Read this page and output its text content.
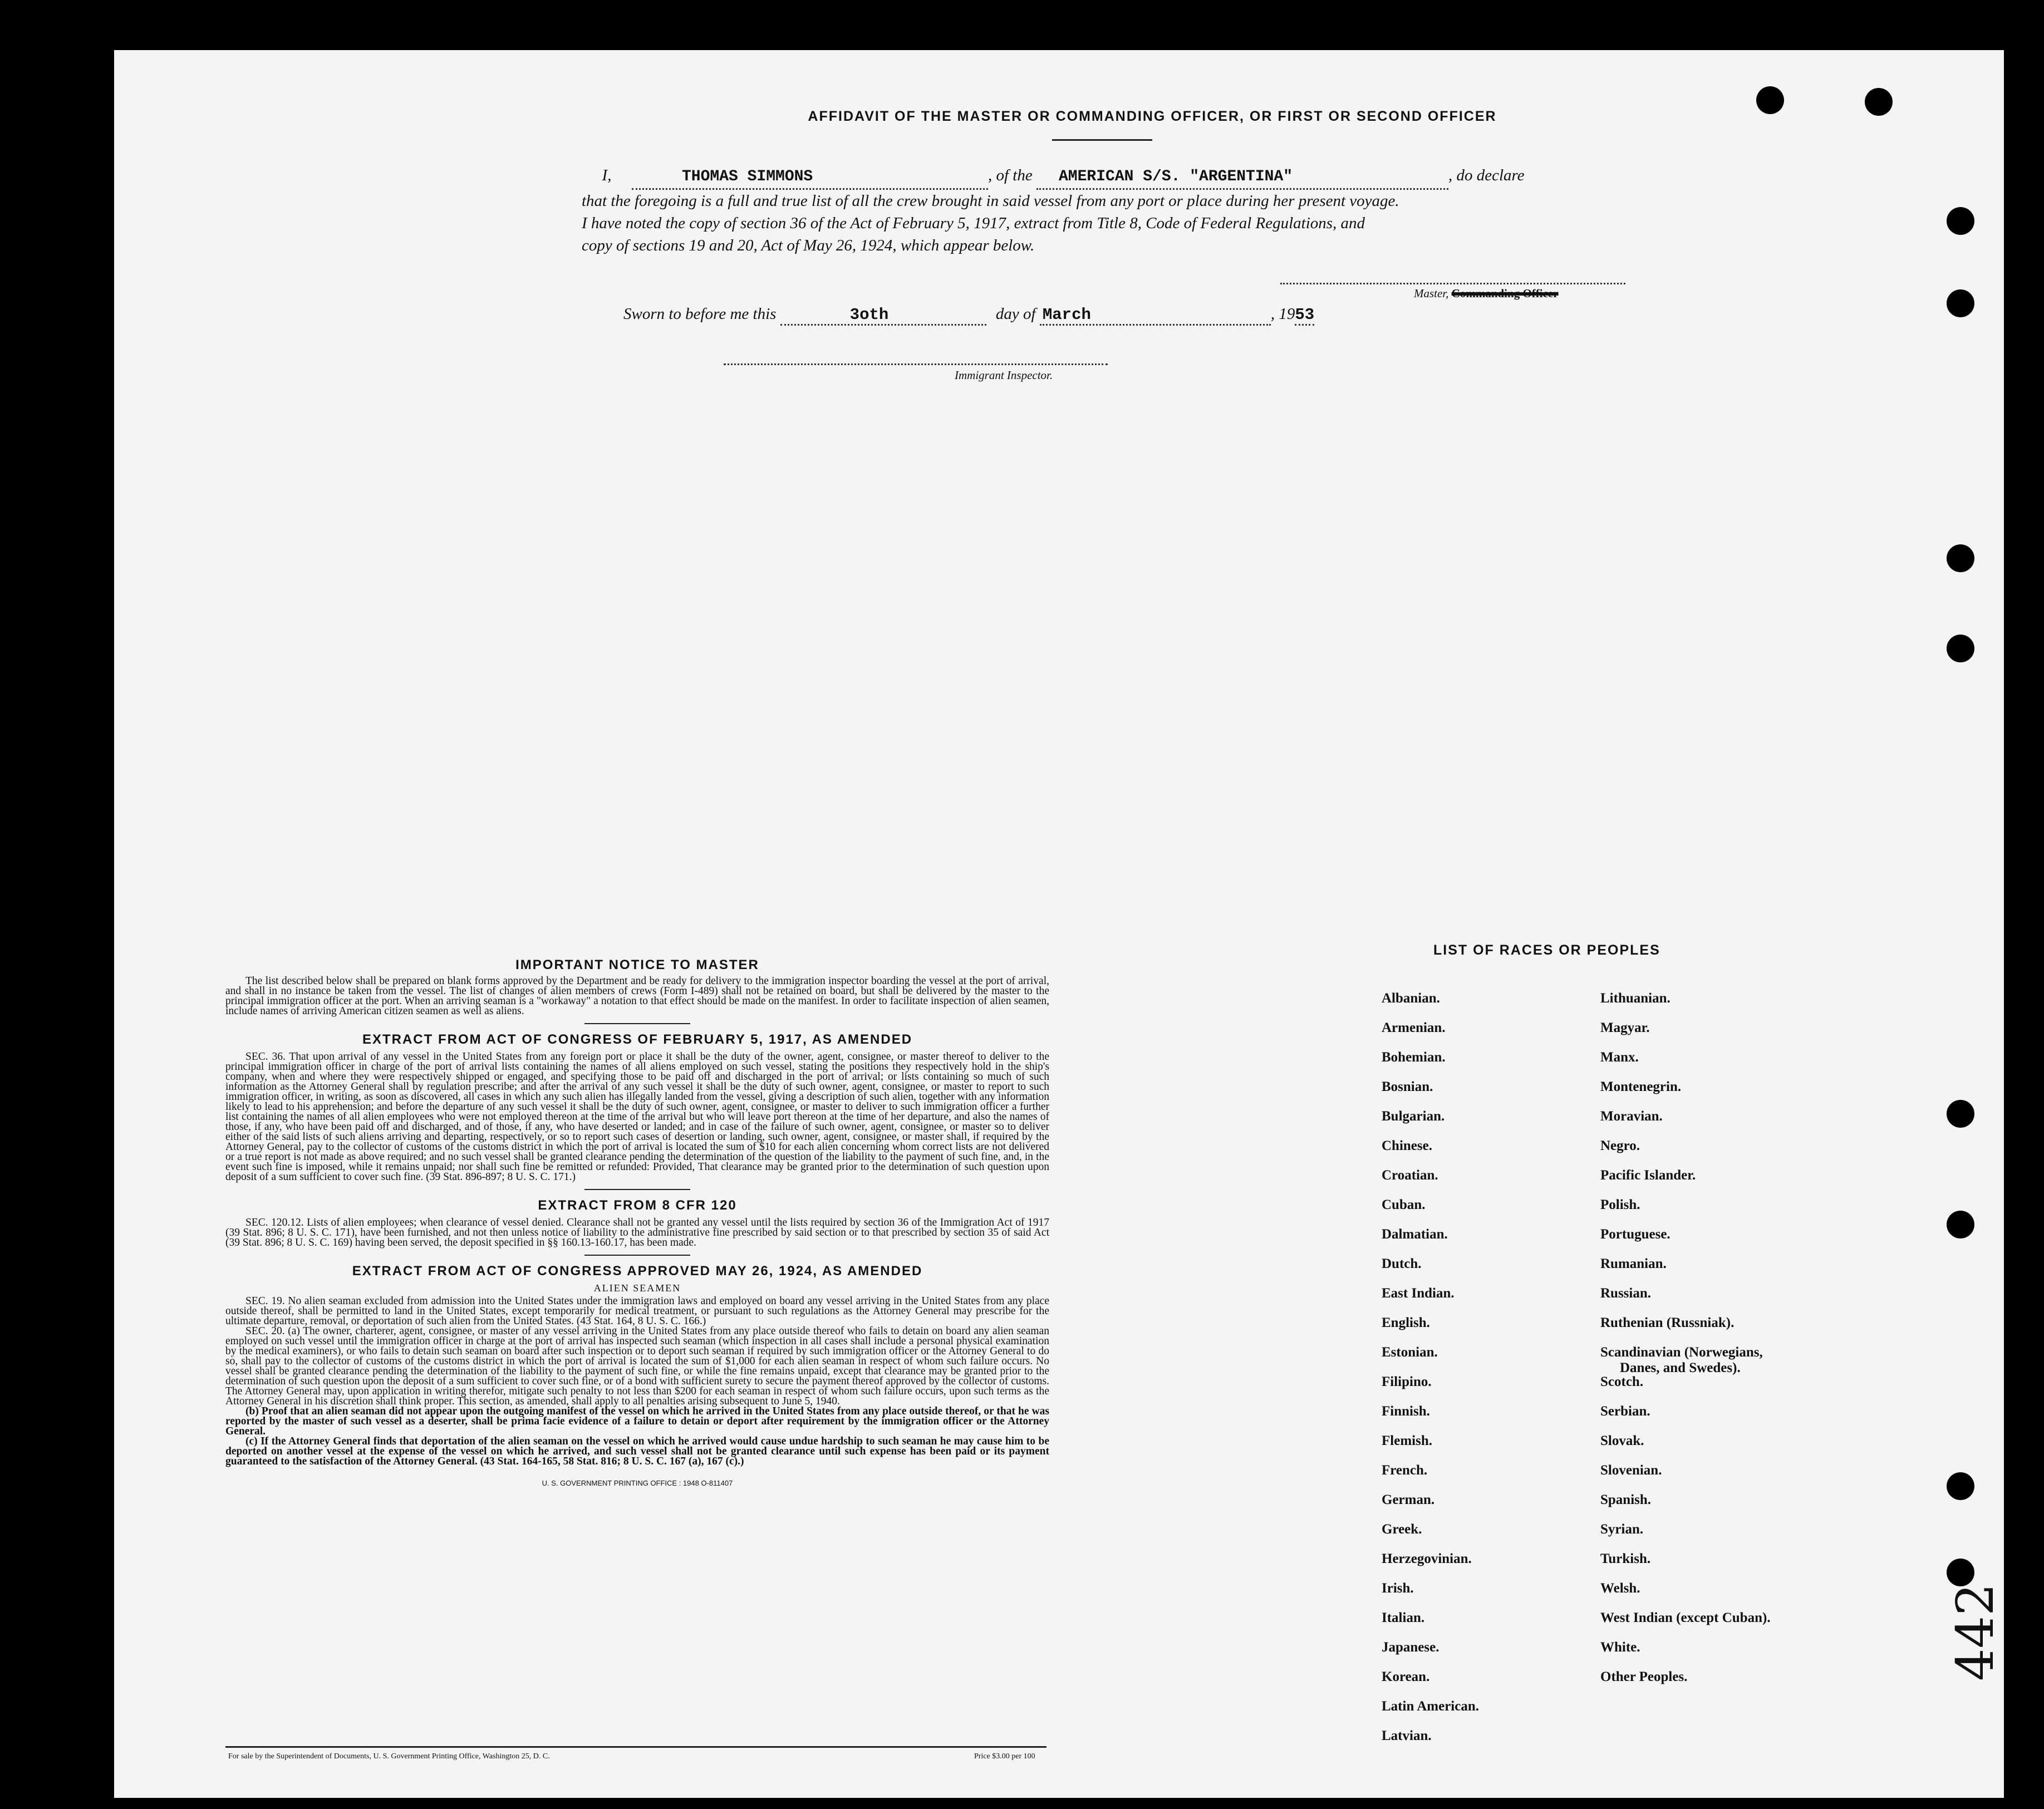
AFFIDAVIT OF THE MASTER OR COMMANDING OFFICER, OR FIRST OR SECOND OFFICER
I,	THOMAS SIMMONS	, of the AMERICAN S/S. "ARGENTINA"	, do declare
that the foregoing is a full and true list of all the crew brought in said vessel from any port or place during her present voyage.
I have noted the copy of section 36 of the Act of February 5, 1917, extract from Title 8, Code of Federal Regulations, and
copy of sections 19 and 20, Act of May 26, 1924, which appear below.
Master, Commanding Officer
Sworn to before me this	3oth	day of March	, 1953
Immigrant Inspector.
IMPORTANT NOTICE TO MASTER

The list described below shall be prepared on blank forms approved by the Department and be ready for delivery to the immigration inspector boarding the vessel at the port of arrival, and shall in no instance be taken from the vessel. The list of changes of alien members of crews (Form I-489) shall not be retained on board, but shall be delivered by the master to the principal immigration officer at the port. When an arriving seaman is a "workaway" a notation to that effect should be made on the manifest. In order to facilitate inspection of alien seamen, include names of arriving American citizen seamen as well as aliens.

EXTRACT FROM ACT OF CONGRESS OF FEBRUARY 5, 1917, AS AMENDED

SEC. 36. That upon arrival of any vessel in the United States from any foreign port or place it shall be the duty of the owner, agent, consignee, or master thereof to deliver to the principal immigration officer in charge of the port of arrival lists containing the names of all aliens employed on such vessel, stating the positions they respectively hold in the ship's company, when and where they were respectively shipped or engaged, and specifying those to be paid off and discharged in the port of arrival; or lists containing so much of such information as the Attorney General shall by regulation prescribe; and after the arrival of any such vessel it shall be the duty of such owner, agent, consignee, or master to report to such immigration officer, in writing, as soon as discovered, all cases in which any such alien has illegally landed from the vessel, giving a description of such alien, together with any information likely to lead to his apprehension; and before the departure of any such vessel it shall be the duty of such owner, agent, consignee, or master to deliver to such immigration officer a further list containing the names of all alien employees who were not employed thereon at the time of the arrival but who will leave port thereon at the time of her departure, and also the names of those, if any, who have been paid off and discharged, and of those, if any, who have deserted or landed; and in case of the failure of such owner, agent, consignee, or master so to deliver either of the said lists of such aliens arriving and departing, respectively, or so to report such cases of desertion or landing, such owner, agent, consignee, or master shall, if required by the Attorney General, pay to the collector of customs of the customs district in which the port of arrival is located the sum of $10 for each alien concerning whom correct lists are not delivered or a true report is not made as above required; and no such vessel shall be granted clearance pending the determination of the question of the liability to the payment of such fine, and, in the event such fine is imposed, while it remains unpaid; nor shall such fine be remitted or refunded: Provided, That clearance may be granted prior to the determination of such question upon deposit of a sum sufficient to cover such fine. (39 Stat. 896-897; 8 U. S. C. 171.)

EXTRACT FROM 8 CFR 120

SEC. 120.12. Lists of alien employees; when clearance of vessel denied. Clearance shall not be granted any vessel until the lists required by section 36 of the Immigration Act of 1917 (39 Stat. 896; 8 U. S. C. 171), have been furnished, and not then unless notice of liability to the administrative fine prescribed by said section or to that prescribed by section 35 of said Act (39 Stat. 896; 8 U. S. C. 169) having been served, the deposit specified in §§ 160.13-160.17, has been made.

EXTRACT FROM ACT OF CONGRESS APPROVED MAY 26, 1924, AS AMENDED
ALIEN SEAMEN

SEC. 19. No alien seaman excluded from admission into the United States under the immigration laws and employed on board any vessel arriving in the United States from any place outside thereof, shall be permitted to land in the United States, except temporarily for medical treatment, or pursuant to such regulations as the Attorney General may prescribe for the ultimate departure, removal, or deportation of such alien from the United States. (43 Stat. 164, 8 U. S. C. 166.)

SEC. 20. (a) The owner, charterer, agent, consignee, or master of any vessel arriving in the United States from any place outside thereof who fails to detain on board any alien seaman employed on such vessel until the immigration officer in charge at the port of arrival has inspected such seaman (which inspection in all cases shall include a personal physical examination by the medical examiners), or who fails to detain such seaman on board after such inspection or to deport such seaman if required by such immigration officer or the Attorney General to do so, shall pay to the collector of customs of the customs district in which the port of arrival is located the sum of $1,000 for each alien seaman in respect of whom such failure occurs. No vessel shall be granted clearance pending the determination of the liability to the payment of such fine, or while the fine remains unpaid, except that clearance may be granted prior to the determination of such question upon the deposit of a sum sufficient to cover such fine, or of a bond with sufficient surety to secure the payment thereof approved by the collector of customs. The Attorney General may, upon application in writing therefor, mitigate such penalty to not less than $200 for each seaman in respect of whom such failure occurs, upon such terms as the Attorney General in his discretion shall think proper. This section, as amended, shall apply to all penalties arising subsequent to June 5, 1940.

(b) Proof that an alien seaman did not appear upon the outgoing manifest of the vessel on which he arrived in the United States from any place outside thereof, or that he was reported by the master of such vessel as a deserter, shall be prima facie evidence of a failure to detain or deport after requirement by the immigration officer or the Attorney General.

(c) If the Attorney General finds that deportation of the alien seaman on the vessel on which he arrived would cause undue hardship to such seaman he may cause him to be deported on another vessel at the expense of the vessel on which he arrived, and such vessel shall not be granted clearance until such expense has been paid or its payment guaranteed to the satisfaction of the Attorney General. (43 Stat. 164-165, 58 Stat. 816; 8 U. S. C. 167 (a), 167 (c).)

U. S. GOVERNMENT PRINTING OFFICE : 1948 O-811407
For sale by the Superintendent of Documents, U. S. Government Printing Office, Washington 25, D. C.	Price $3.00 per 100
LIST OF RACES OR PEOPLES
442
Albanian.
Armenian.
Bohemian.
Bosnian.
Bulgarian.
Chinese.
Croatian.
Cuban.
Dalmatian.
Dutch.
East Indian.
English.
Estonian.
Filipino.
Finnish.
Flemish.
French.
German.
Greek.
Herzegovinian.
Irish.
Italian.
Japanese.
Korean.
Latin American.
Latvian.
Lithuanian.
Magyar.
Manx.
Montenegrin.
Moravian.
Negro.
Pacific Islander.
Polish.
Portuguese.
Rumanian.
Russian.
Ruthenian (Russniak).
Scandinavian (Norwegians,
Danes, and Swedes).
Scotch.
Serbian.
Slovak.
Slovenian.
Spanish.
Syrian.
Turkish.
Welsh.
West Indian (except Cuban).
White.
Other Peoples.
